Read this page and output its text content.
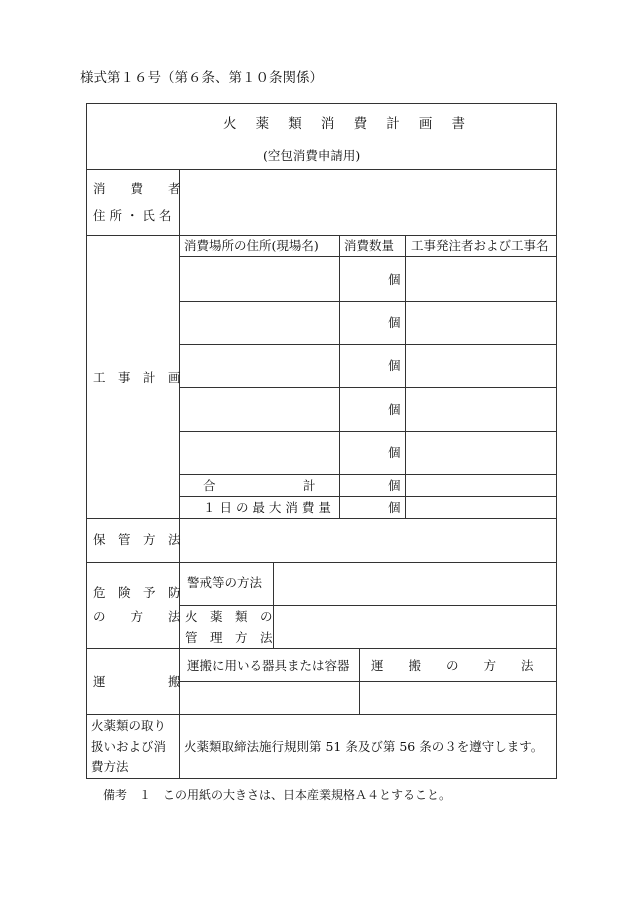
様式第１６号（第６条、第１０条関係）
火 薬 類 消 費 計 画 書
(空包消費申請用)
消　　費　　者
住 所 ・ 氏 名
工　事　計　画
消費場所の住所(現場名) 消費数量 工事発注者および工事名
個
個
個
個
個
合　　　　　　　計	個
１ 日 の 最 大 消 費 量	個
保　管　方　法
危　険　予　防
の　　方　　法
警戒等の方法
火　薬　類　の
管　理　方　法
運　　　　　搬
運搬に用いる器具または容器 運　　搬　　の　　方　　法
火薬類の取り
扱いおよび消
費方法
火薬類取締法施行規則第 51 条及び第 56 条の３を遵守します。
備考　１　この用紙の大きさは、日本産業規格Ａ４とすること。
